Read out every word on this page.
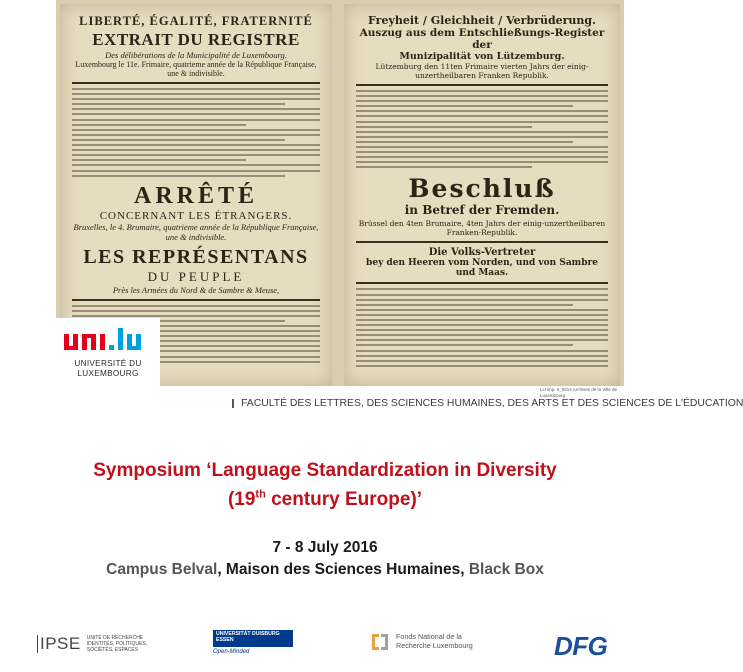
LIBERTÉ, ÉGALITÉ, FRATERNITÉ
EXTRAIT DU REGISTRE
Des délibérations de la Municipalité de Luxembourg.
Luxembourg le 11e. Frimaire, quatrieme année de la République Française, une & indivisible.
ARRÊTÉ
CONCERNANT LES ÉTRANGERS.
Bruxelles, le 4. Brumaire, quatrieme année de la République Française, une & indivisible.
LES REPRÉSENTANS
DU PEUPLE
Près les Armées du Nord & de Sambre & Meuse,
Freyheit / Gleichheit / Verbrüderung.
Auszug aus dem Entschließungs-Register der
Munizipalität von Lützemburg.
Lützemburg den 11ten Frimaire vierten Jahrs der einig-unzertheilbaren Franken Republik.
Beschluß
in Betref der Fremden.
Brüssel den 4ten Brumaire, 4ten Jahrs der einig-unzertheilbaren Franken-Republik.
Die Volks-Vertreter
bey den Heeren vom Norden, und von Sambre und Maas.
UNIVERSITÉ DU
LUXEMBOURG
LU imp. II_0314 Archives de la Ville de Luxembourg
FACULTÉ DES LETTRES, DES SCIENCES HUMAINES, DES ARTS ET DES SCIENCES DE L'ÉDUCATION
Symposium ‘Language Standardization in Diversity
(19th century Europe)’
7 - 8 July 2016
Campus Belval, Maison des Sciences Humaines, Black Box
IPSE UNITÉ DE RECHERCHE IDENTITÉS, POLITIQUES, SOCIÉTÉS, ESPACES
UNIVERSITÄT DUISBURG ESSEN
Open-Minded
Fonds National de la
Recherche Luxembourg	DFG
